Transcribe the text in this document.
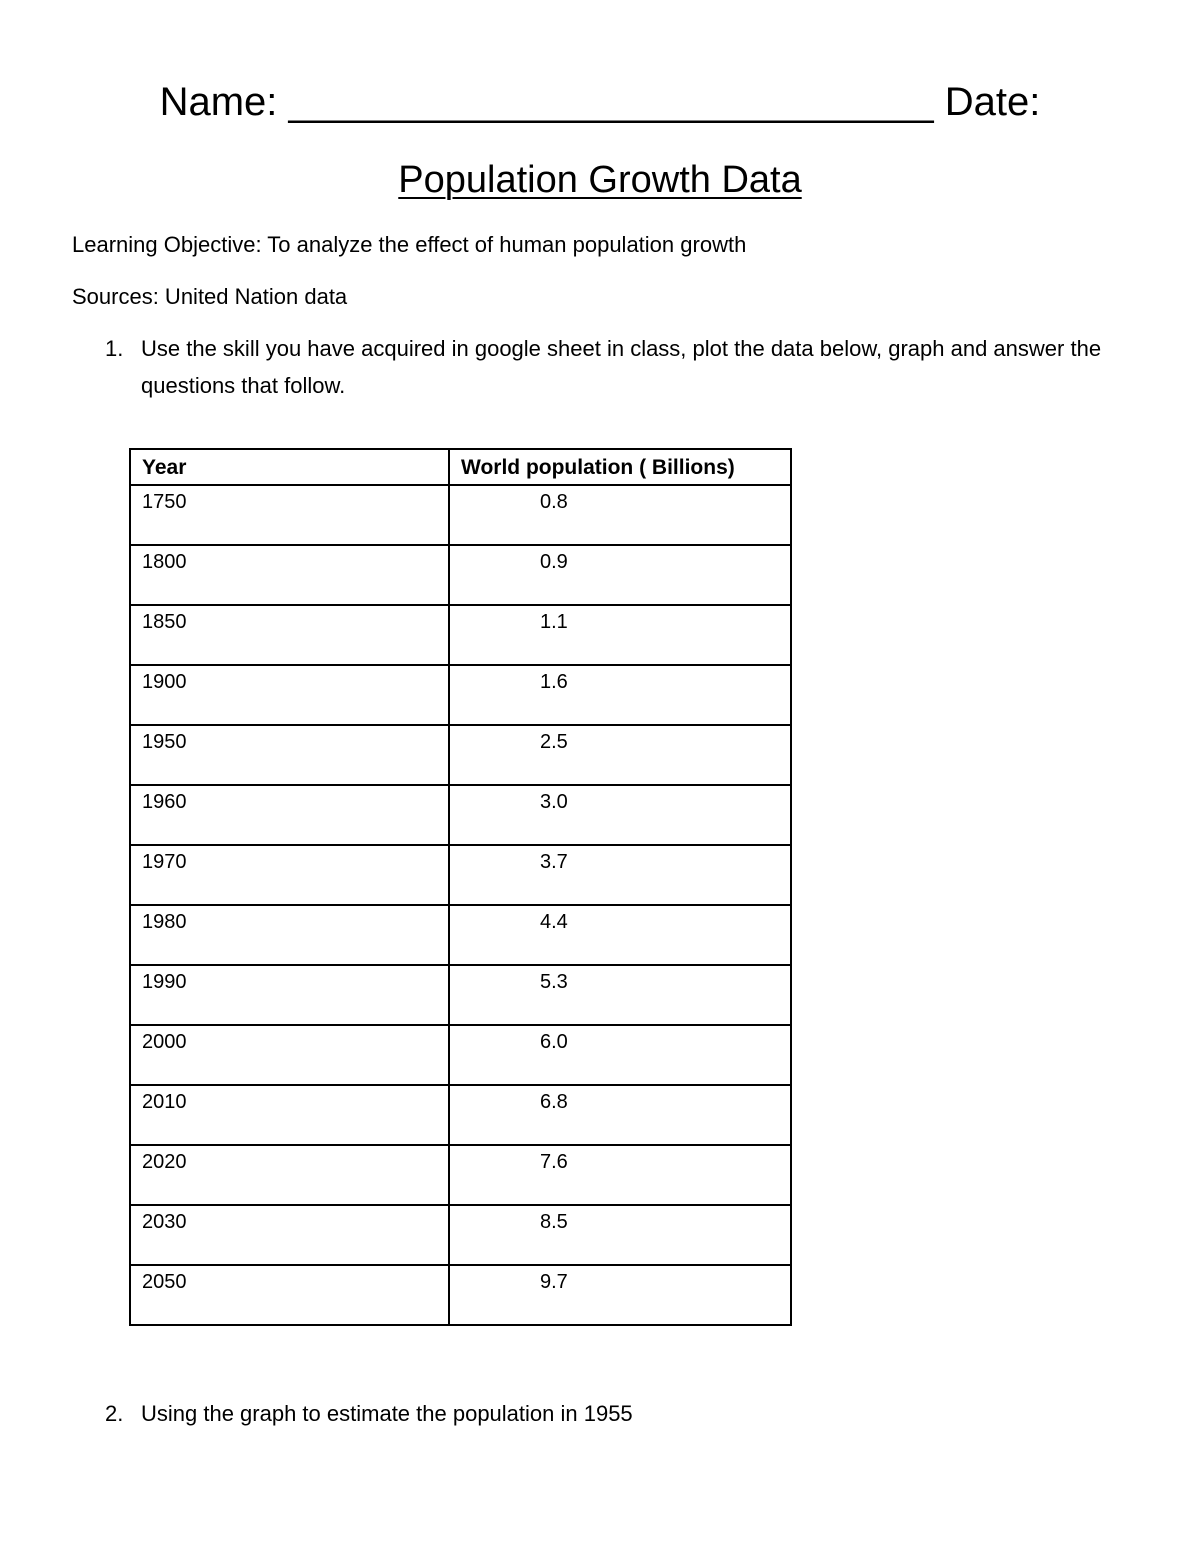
Name: _____________________________ Date:
Population Growth Data
Learning Objective: To analyze the effect of human population growth
Sources: United Nation data
1. Use the skill you have acquired in google sheet in class, plot the data below, graph and answer the questions that follow.
Year	World population ( Billions)
1750	0.8
1800	0.9
1850	1.1
1900	1.6
1950	2.5
1960	3.0
1970	3.7
1980	4.4
1990	5.3
2000	6.0
2010	6.8
2020	7.6
2030	8.5
2050	9.7
2. Using the graph to estimate the population in 1955
